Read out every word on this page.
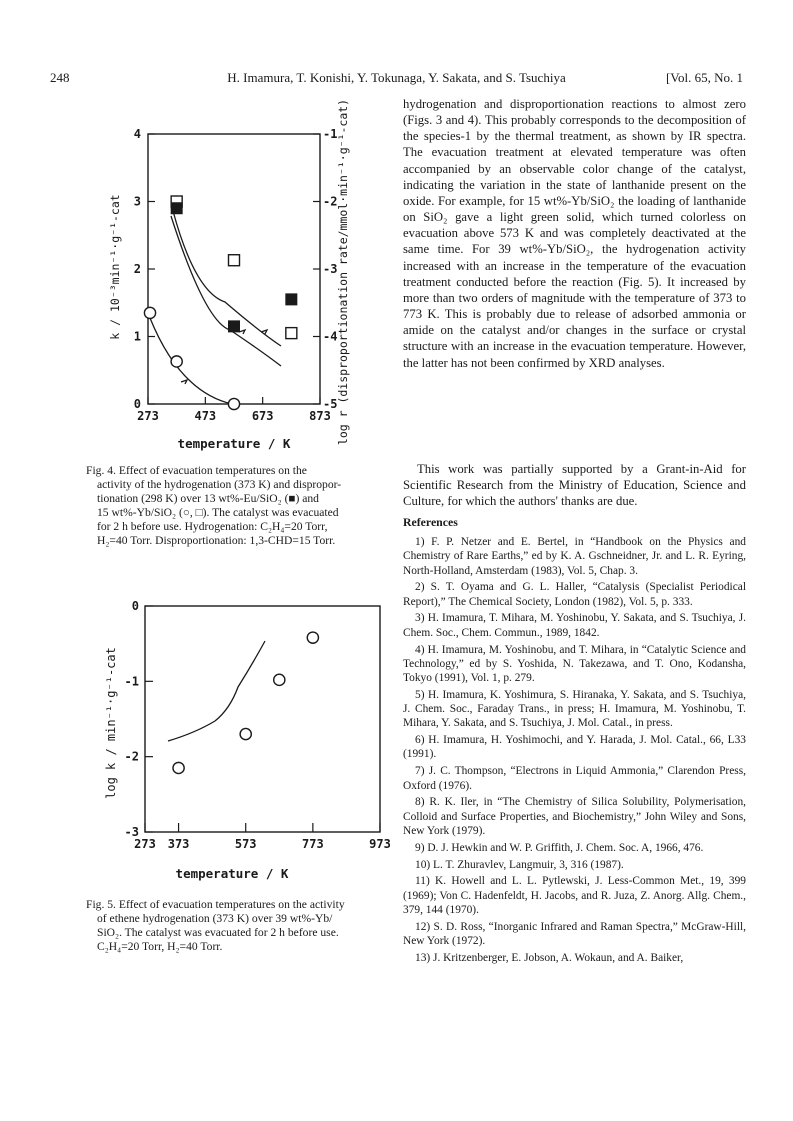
248	H. Imamura, T. Konishi, Y. Tokunaga, Y. Sakata, and S. Tsuchiya	[Vol. 65, No. 1
273	473	673	873
0
1
2
3
4
-5
-4
-3
-2
-1
temperature / K
k / 10⁻³min⁻¹·g⁻¹-cat	log r (disproportionation rate/mmol·min⁻¹·g⁻¹-cat)
Fig. 4. Effect of evacuation temperatures on the
activity of the hydrogenation (373 K) and dispropor-
tionation (298 K) over 13 wt%-Eu/SiO₂ (■) and
15 wt%-Yb/SiO₂ (○, □). The catalyst was evacuated
for 2 h before use. Hydrogenation: C₂H₄=20 Torr,
H₂=40 Torr. Disproportionation: 1,3-CHD=15 Torr.
273 373	573	773	973
0
-1
-2
-3
temperature / K
log k / min⁻¹·g⁻¹-cat
Fig. 5. Effect of evacuation temperatures on the activity
of ethene hydrogenation (373 K) over 39 wt%-Yb/
SiO₂. The catalyst was evacuated for 2 h before use.
C₂H₄=20 Torr, H₂=40 Torr.

hydrogenation and disproportionation reactions to almost zero (Figs. 3 and 4). This probably corresponds to the decomposition of the species-1 by the thermal treatment, as shown by IR spectra. The evacuation treatment at elevated temperature was often accompanied by an observable color change of the catalyst, indicating the variation in the state of lanthanide present on the oxide. For example, for 15 wt%-Yb/SiO₂ the loading of lanthanide on SiO₂ gave a light green solid, which turned colorless on evacuation above 573 K and was completely deactivated at the same time. For 39 wt%-Yb/SiO₂, the hydrogenation activity increased with an increase in the temperature of the evacuation treatment conducted before the reaction (Fig. 5). It increased by more than two orders of magnitude with the temperature of 373 to 773 K. This is probably due to release of adsorbed ammonia or amide on the catalyst and/or changes in the surface or crystal structure with an increase in the evacuation temperature. However, the latter has not been confirmed by XRD analyses.

This work was partially supported by a Grant-in-Aid for Scientific Research from the Ministry of Education, Science and Culture, for which the authors' thanks are due.

References

1) F. P. Netzer and E. Bertel, in “Handbook on the Physics and Chemistry of Rare Earths,” ed by K. A. Gschneidner, Jr. and L. R. Eyring, North-Holland, Amsterdam (1983), Vol. 5, Chap. 3.

2) S. T. Oyama and G. L. Haller, “Catalysis (Specialist Periodical Report),” The Chemical Society, London (1982), Vol. 5, p. 333.

3) H. Imamura, T. Mihara, M. Yoshinobu, Y. Sakata, and S. Tsuchiya, J. Chem. Soc., Chem. Commun., 1989, 1842.

4) H. Imamura, M. Yoshinobu, and T. Mihara, in “Catalytic Science and Technology,” ed by S. Yoshida, N. Takezawa, and T. Ono, Kodansha, Tokyo (1991), Vol. 1, p. 279.

5) H. Imamura, K. Yoshimura, S. Hiranaka, Y. Sakata, and S. Tsuchiya, J. Chem. Soc., Faraday Trans., in press; H. Imamura, M. Yoshinobu, T. Mihara, Y. Sakata, and S. Tsuchiya, J. Mol. Catal., in press.

6) H. Imamura, H. Yoshimochi, and Y. Harada, J. Mol. Catal., 66, L33 (1991).

7) J. C. Thompson, “Electrons in Liquid Ammonia,” Clarendon Press, Oxford (1976).

8) R. K. Iler, in “The Chemistry of Silica Solubility, Polymerisation, Colloid and Surface Properties, and Biochemistry,” John Wiley and Sons, New York (1979).

9) D. J. Hewkin and W. P. Griffith, J. Chem. Soc. A, 1966, 476.

10) L. T. Zhuravlev, Langmuir, 3, 316 (1987).

11) K. Howell and L. L. Pytlewski, J. Less-Common Met., 19, 399 (1969); Von C. Hadenfeldt, H. Jacobs, and R. Juza, Z. Anorg. Allg. Chem., 379, 144 (1970).

12) S. D. Ross, “Inorganic Infrared and Raman Spectra,” McGraw-Hill, New York (1972).

13) J. Kritzenberger, E. Jobson, A. Wokaun, and A. Baiker,
